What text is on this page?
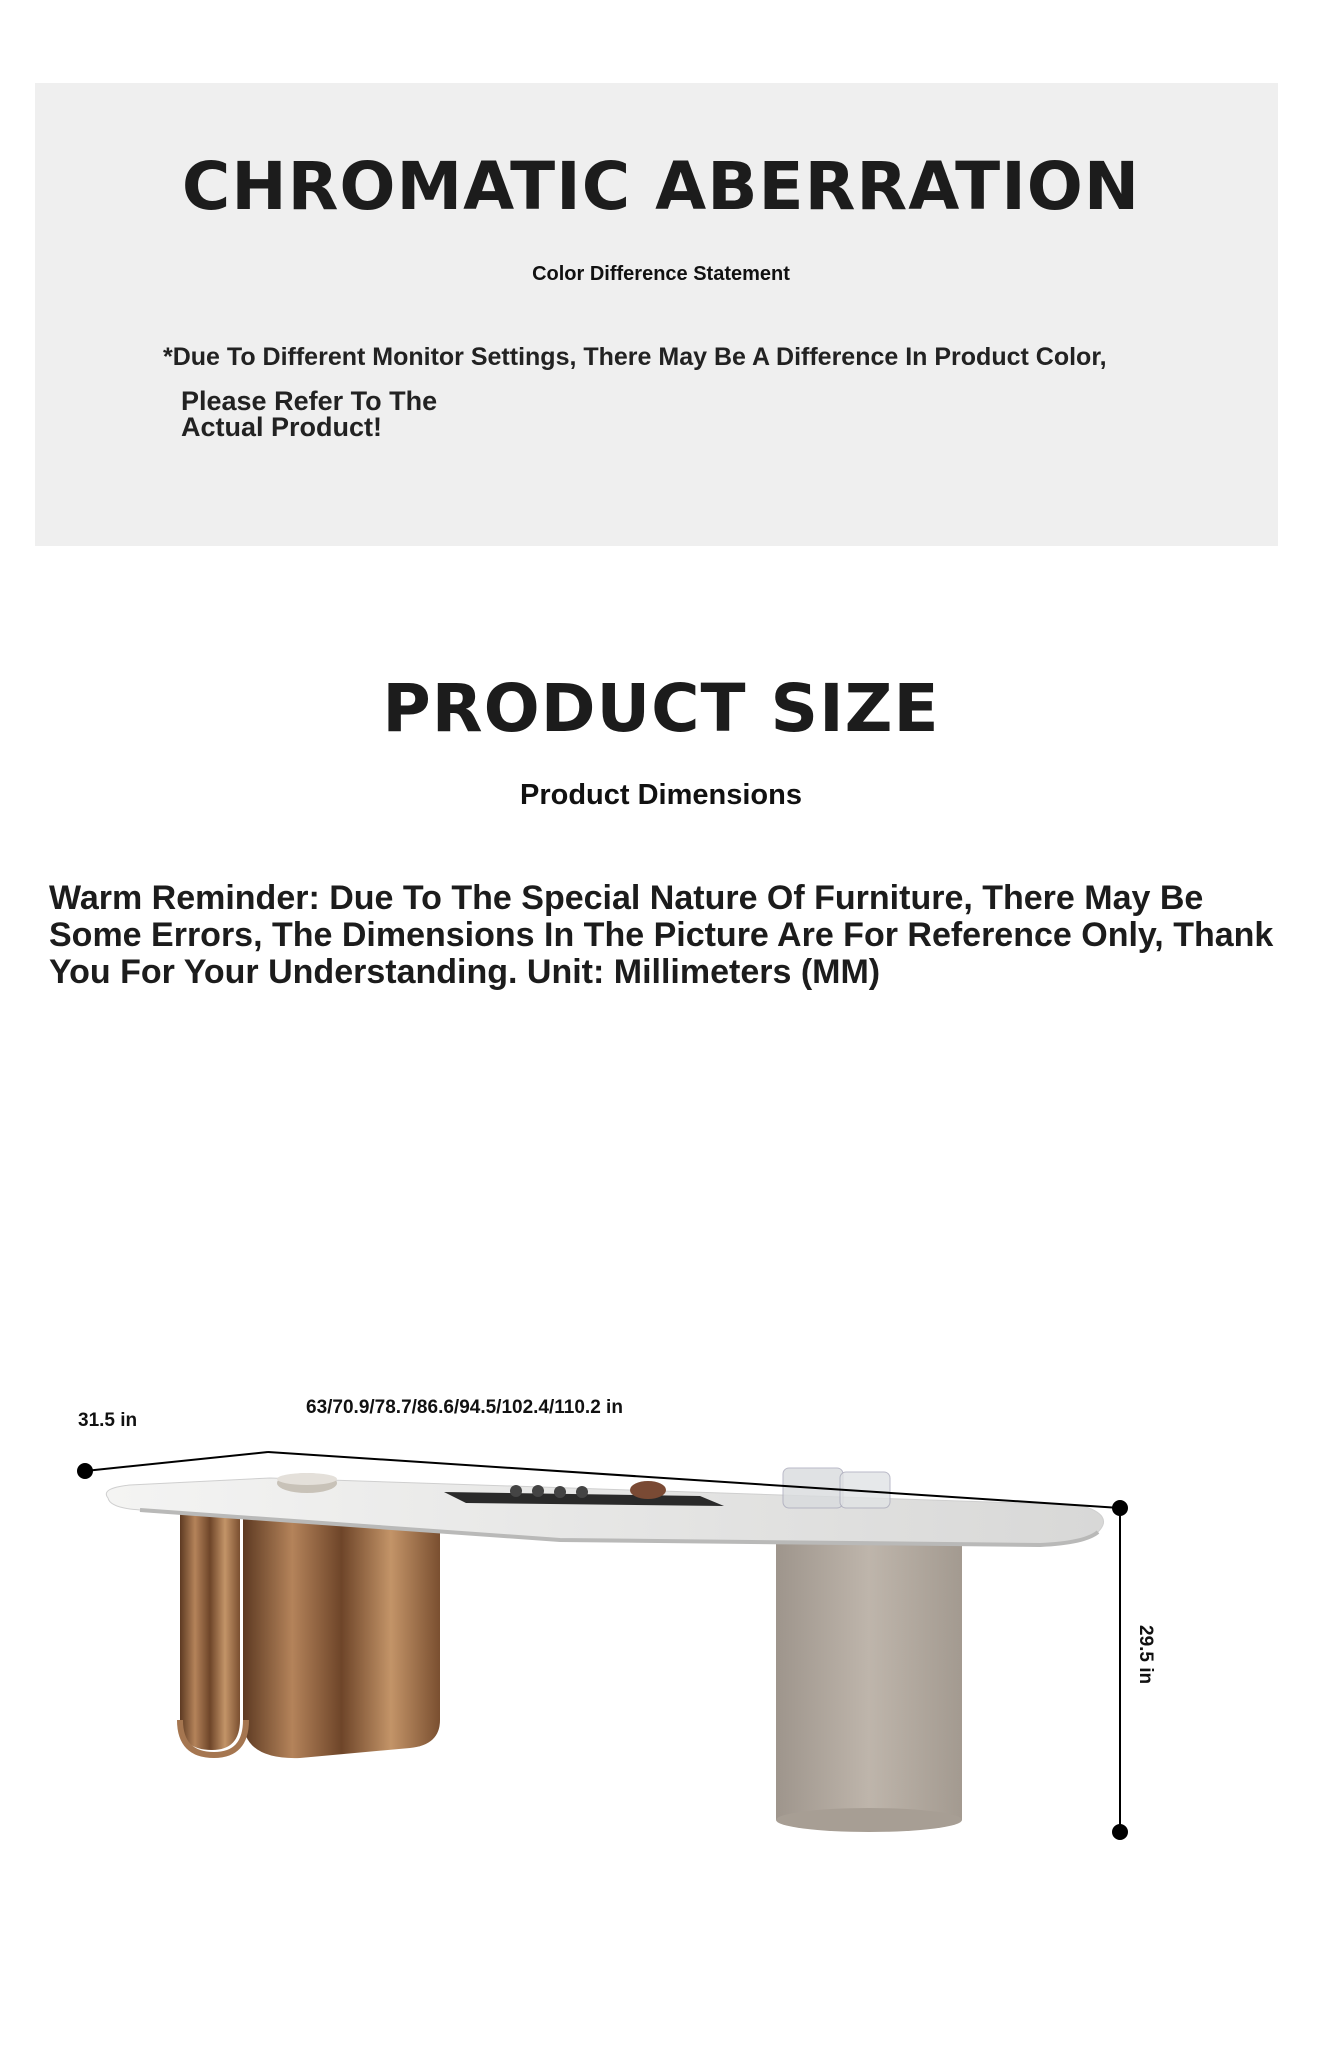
CHROMATIC ABERRATION

Color Difference Statement

*Due To Different Monitor Settings, There May Be A Difference In Product Color,
Please Refer To The Actual Product!
PRODUCT SIZE

Product Dimensions

Warm Reminder: Due To The Special Nature Of Furniture, There May Be Some Errors, The Dimensions In The Picture Are For Reference Only, Thank You For Your Understanding. Unit: Millimeters (MM)
31.5 in
63/70.9/78.7/86.6/94.5/102.4/110.2 in
29.5 in
